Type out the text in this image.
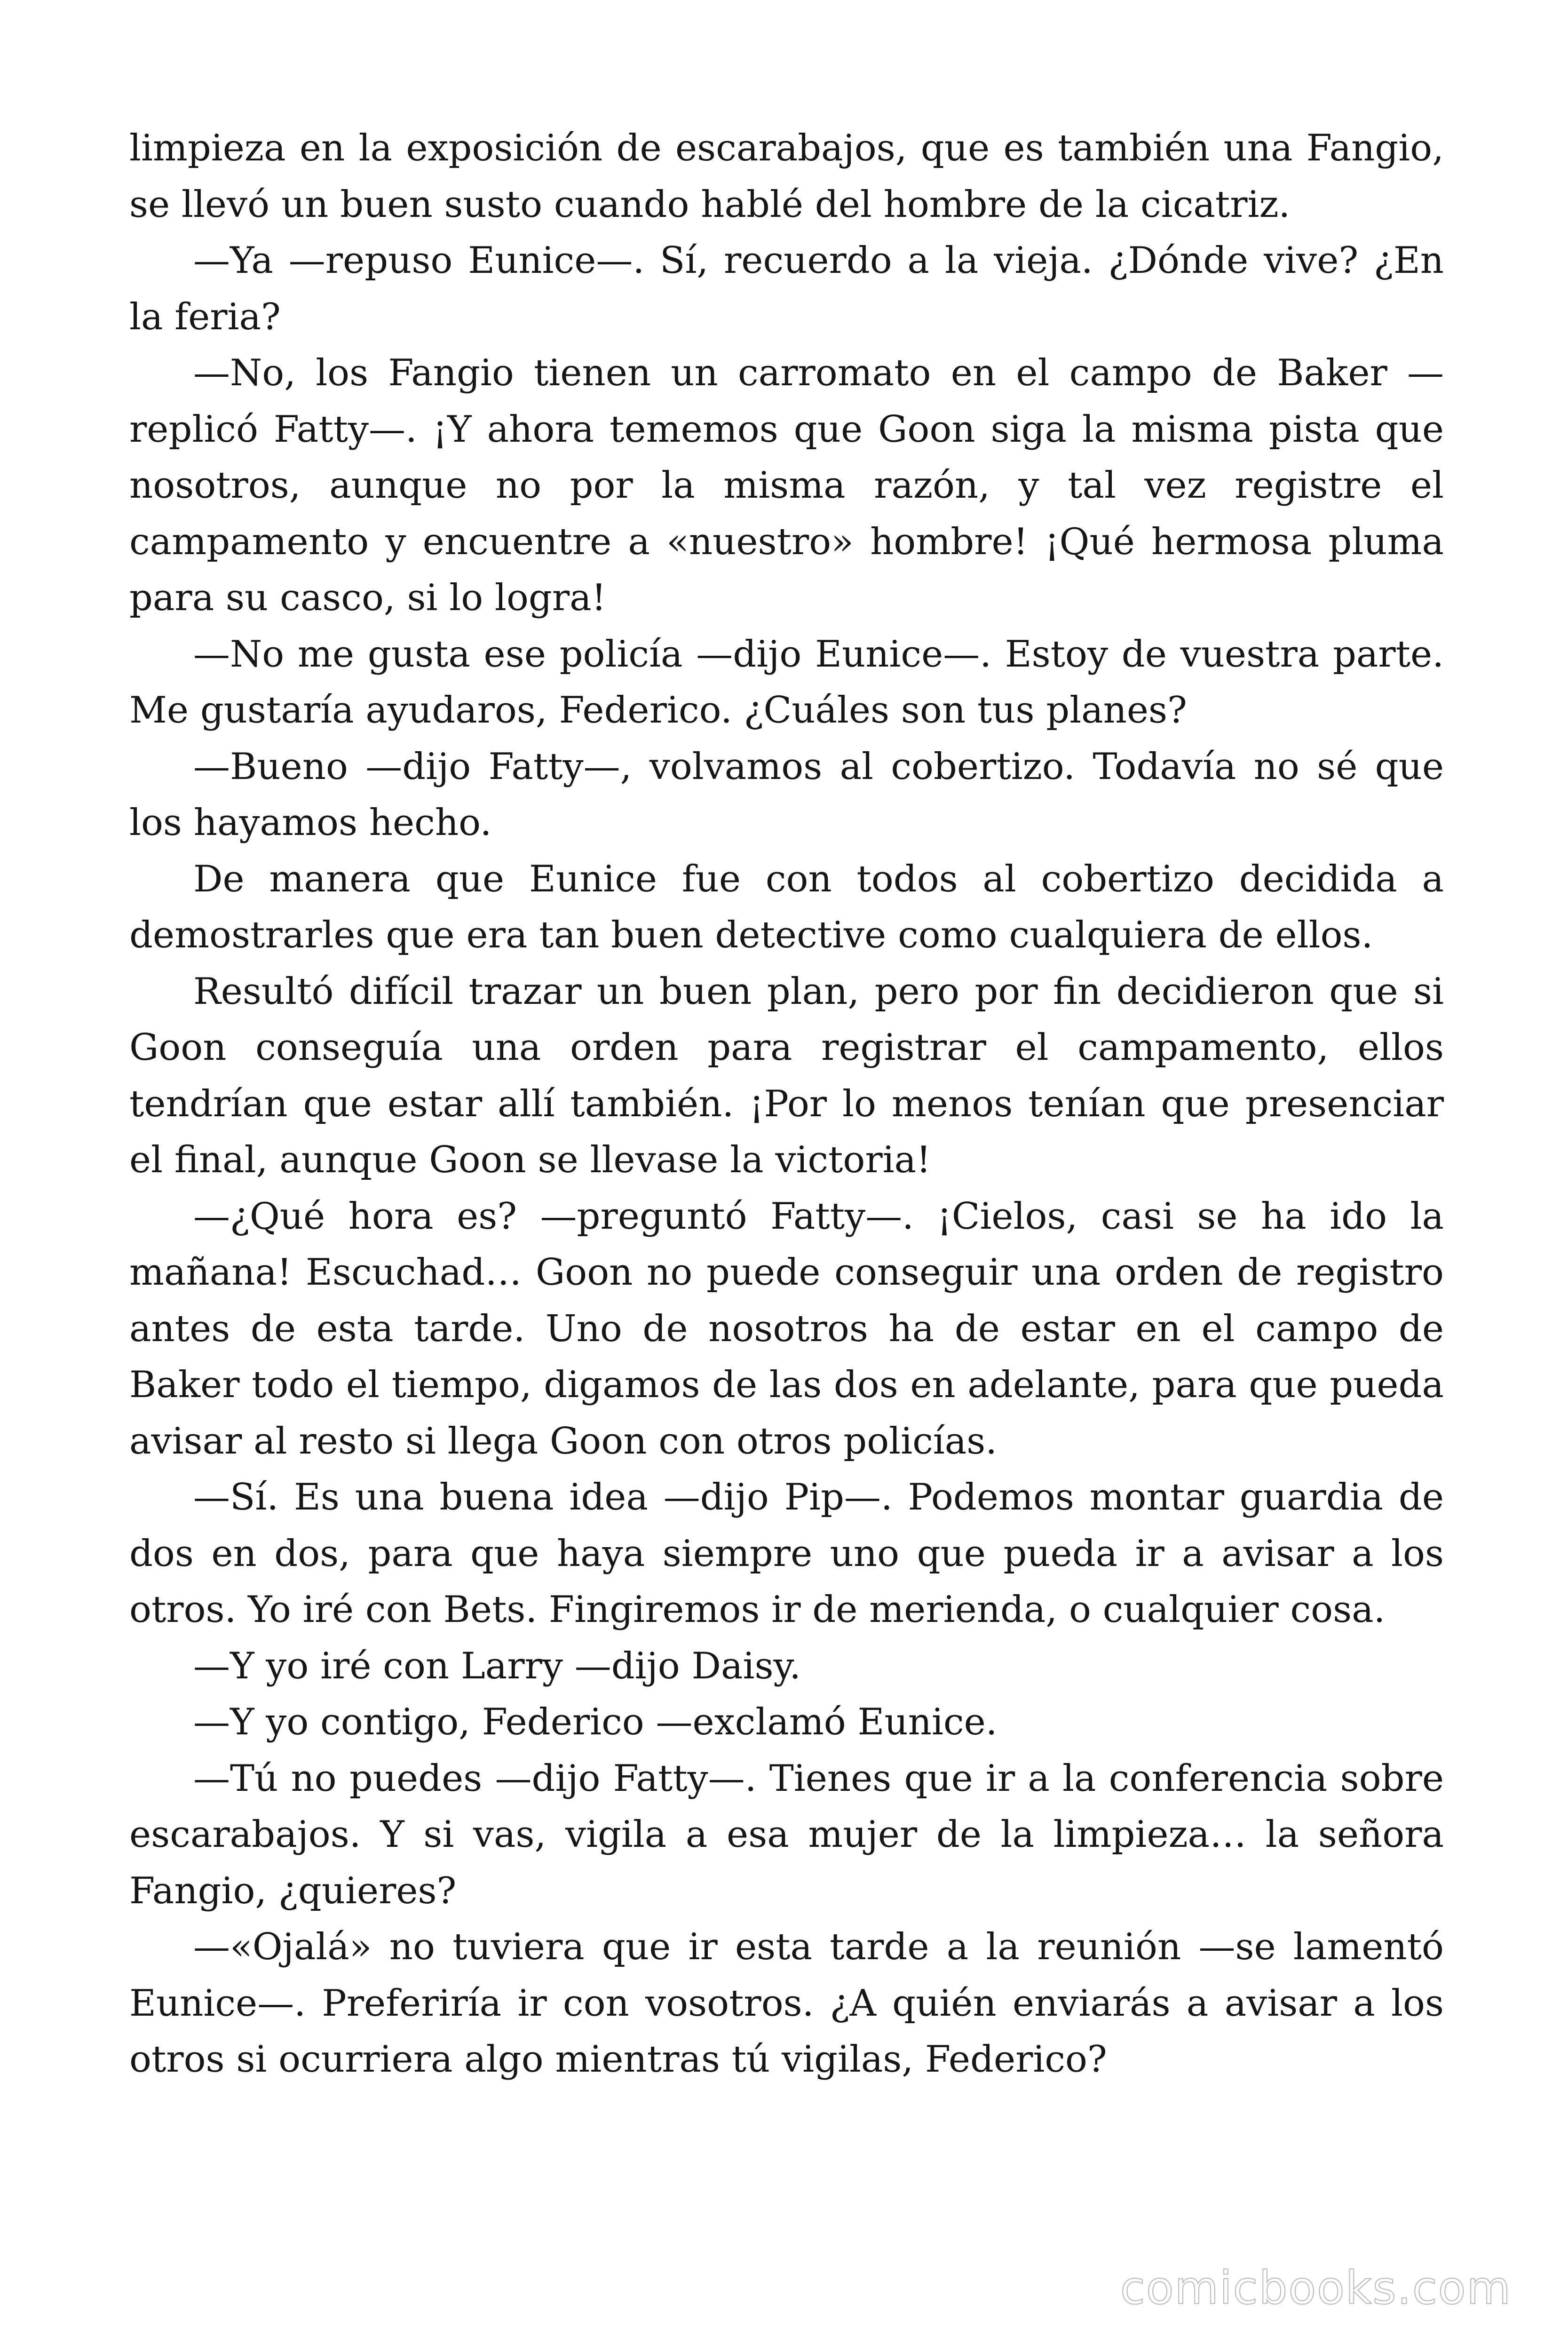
limpieza en la exposición de escarabajos, que es también una Fangio, se llevó un buen susto cuando hablé del hombre de la cicatriz.

—Ya —repuso Eunice—. Sí, recuerdo a la vieja. ¿Dónde vive? ¿En la feria?

—No, los Fangio tienen un carromato en el campo de Baker —replicó Fatty—. ¡Y ahora tememos que Goon siga la misma pista que nosotros, aunque no por la misma razón, y tal vez registre el campamento y encuentre a «nuestro» hombre! ¡Qué hermosa pluma para su casco, si lo logra!

—No me gusta ese policía —dijo Eunice—. Estoy de vuestra parte. Me gustaría ayudaros, Federico. ¿Cuáles son tus planes?

—Bueno —dijo Fatty—, volvamos al cobertizo. Todavía no sé que los hayamos hecho.

De manera que Eunice fue con todos al cobertizo decidida a demostrarles que era tan buen detective como cualquiera de ellos.

Resultó difícil trazar un buen plan, pero por fin decidieron que si Goon conseguía una orden para registrar el campamento, ellos tendrían que estar allí también. ¡Por lo menos tenían que presenciar el final, aunque Goon se llevase la victoria!

—¿Qué hora es? —preguntó Fatty—. ¡Cielos, casi se ha ido la mañana! Escuchad… Goon no puede conseguir una orden de registro antes de esta tarde. Uno de nosotros ha de estar en el campo de Baker todo el tiempo, digamos de las dos en adelante, para que pueda avisar al resto si llega Goon con otros policías.

—Sí. Es una buena idea —dijo Pip—. Podemos montar guardia de dos en dos, para que haya siempre uno que pueda ir a avisar a los otros. Yo iré con Bets. Fingiremos ir de merienda, o cualquier cosa.

—Y yo iré con Larry —dijo Daisy.

—Y yo contigo, Federico —exclamó Eunice.

—Tú no puedes —dijo Fatty—. Tienes que ir a la conferencia sobre escarabajos. Y si vas, vigila a esa mujer de la limpieza… la señora Fangio, ¿quieres?

—«Ojalá» no tuviera que ir esta tarde a la reunión —se lamentó Eunice—. Preferiría ir con vosotros. ¿A quién enviarás a avisar a los otros si ocurriera algo mientras tú vigilas, Federico?

comicbooks.com
